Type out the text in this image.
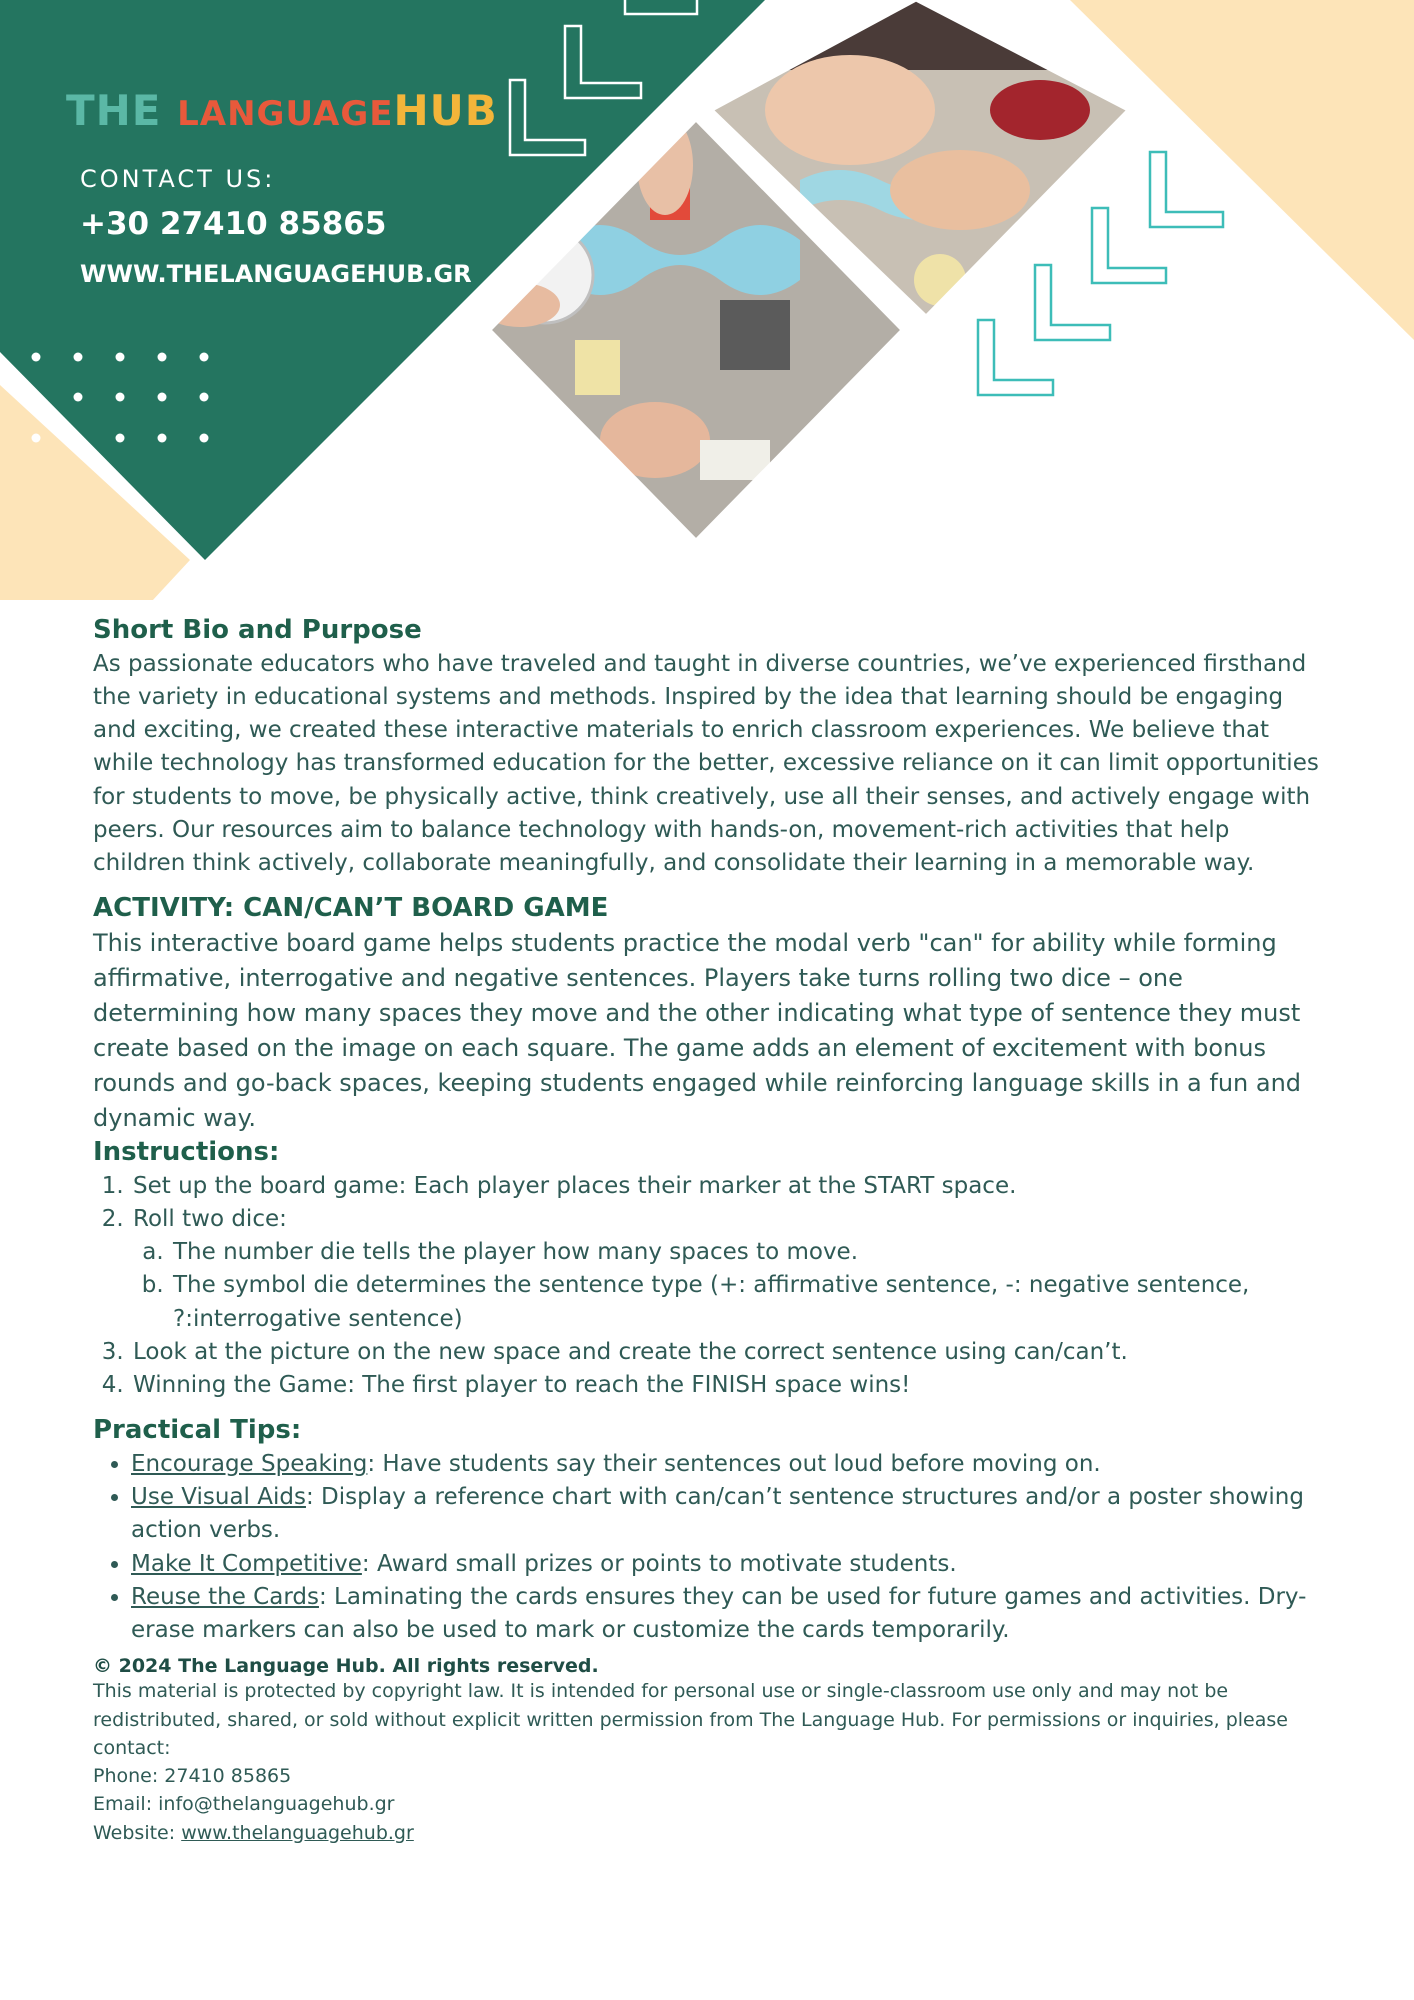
THE LANGUAGEHUB
CONTACT US:
+30 27410 85865
WWW.THELANGUAGEHUB.GR
Short Bio and Purpose

As passionate educators who have traveled and taught in diverse countries, we’ve experienced firsthand the variety in educational systems and methods. Inspired by the idea that learning should be engaging and exciting, we created these interactive materials to enrich classroom experiences. We believe that while technology has transformed education for the better, excessive reliance on it can limit opportunities for students to move, be physically active, think creatively, use all their senses, and actively engage with peers. Our resources aim to balance technology with hands-on, movement-rich activities that help children think actively, collaborate meaningfully, and consolidate their learning in a memorable way.

ACTIVITY: CAN/CAN’T BOARD GAME

This interactive board game helps students practice the modal verb "can" for ability while forming affirmative, interrogative and negative sentences. Players take turns rolling two dice – one determining how many spaces they move and the other indicating what type of sentence they must create based on the image on each square. The game adds an element of excitement with bonus rounds and go-back spaces, keeping students engaged while reinforcing language skills in a fun and dynamic way.

Instructions:
1. Set up the board game: Each player places their marker at the START space.
2. Roll two dice:
a. The number die tells the player how many spaces to move.
b. The symbol die determines the sentence type (+: affirmative sentence, -: negative sentence, ?:interrogative sentence)
3. Look at the picture on the new space and create the correct sentence using can/can’t.
4. Winning the Game: The first player to reach the FINISH space wins!
Practical Tips:
• Encourage Speaking: Have students say their sentences out loud before moving on.
• Use Visual Aids: Display a reference chart with can/can’t sentence structures and/or a poster showing action verbs.
• Make It Competitive: Award small prizes or points to motivate students.
• Reuse the Cards: Laminating the cards ensures they can be used for future games and activities. Dry-erase markers can also be used to mark or customize the cards temporarily.

© 2024 The Language Hub. All rights reserved.

This material is protected by copyright law. It is intended for personal use or single-classroom use only and may not be redistributed, shared, or sold without explicit written permission from The Language Hub. For permissions or inquiries, please contact:

Phone: 27410 85865

Email: info@thelanguagehub.gr

Website: www.thelanguagehub.gr
